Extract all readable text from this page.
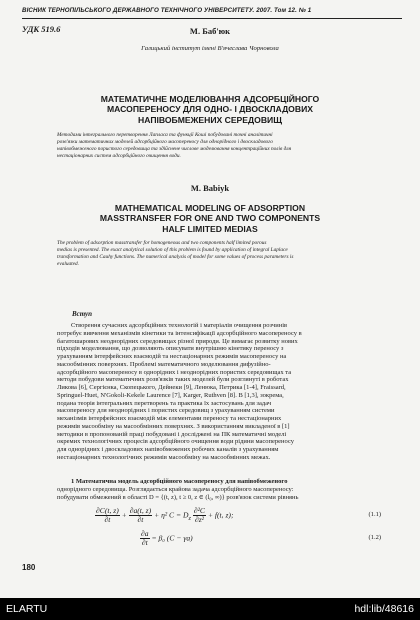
ВІСНИК ТЕРНОПІЛЬСЬКОГО ДЕРЖАВНОГО ТЕХНІЧНОГО УНІВЕРСИТЕТУ. 2007. Том 12. № 1
УДК 519.6	М. Баб'юк
Галицький інститут імені В'ячеслава Чорновола
МАТЕМАТИЧНЕ МОДЕЛЮВАННЯ АДСОРБЦІЙНОГО
МАСОПЕРЕНОСУ ДЛЯ ОДНО- І ДВОСКЛАДОВИХ
НАПІВОБМЕЖЕНИХ СЕРЕДОВИЩ
Методами інтегрального перетворення Лапласа та функції Коші побудовані точні аналітичні
розв'язки математичних моделей адсорбційного масопереносу для однорідного і двоскладового
напівобмеженого пористого середовища та здійснене числове моделювання концентраційних полів для
нестаціонарних систем адсорбційного очищення води.
M. Babiyk
MATHEMATICAL MODELING OF ADSORPTION
MASSTRANSFER FOR ONE AND TWO COMPONENTS
HALF LIMITED MEDIAS
The problem of adsorption masstransfer for homogeneous and two components half limited porous
medias is presented. The exact analytical solution of this problem is found by application of integral Laplace
transformation and Cauhy functions. The numerical analysis of model for some values of process parameters is
evaluated.
Вступ
Створення сучасних адсорбційних технологій і матеріалів очищення розчинів
потребує вивчення механізмів кінетики та інтенсифікації адсорбційного масопереносу в
багатошарових неоднорідних середовищах різної природи. Це вимагає розвитку нових
підходів моделювання, що дозволяють описувати внутрішню кінетику переносу з
урахуванням інтерфейсних взаємодій та нестаціонарних режимів масопереносу на
масообмінних поверхнях. Проблемі математичного моделювання дифузійно-
адсорбційного масопереносу в однорідних і неоднорідних пористих середовищах та
методи побудови математичних розв'язків таких моделей були розглянуті в роботах
Ликова [6], Сергієнка, Скопецького, Дейнеки [9], Ленюка, Петрика [1-4], Fraissard,
Springuel-Huet, N'Gokoli-Kekele Laurence [7], Karger, Ruthven [8]. В [1,3], зокрема,
подана теорія інтегральних перетворень та практика їх застосувань для задач
масопереносу для неоднорідних і пористих середовищ з урахуванням системи
механізмів інтерфейсних взаємодій між елементами переносу та нестаціонарних
режимів масообміну на масообмінних поверхнях. З використанням викладеної в [1]
методики в пропонованій праці побудовані і досліджені на ПК математичні моделі
окремих технологічних процесів адсорбційного очищення води рідини масопереносу
для однорідних і двоскладових напівобмежених робочих каналів з урахуванням
нестаціонарних технологічних режимів масообміну на масообмінних межах.
1 Математична модель адсорбційного масопереносу для напівобмеженого
однорідного середовища. Розглядається крайова задача адсорбційного масопереносу:
побудувати обмежений в області D = {(t, z), t ≥ 0, z ∈ (l₀, ∞)} розв'язок системи рівнянь
$\frac{\partial C(t, z)}{\partial t} + \frac{\partial a(t, z)}{\partial t} + \eta^2$ $C = D_z \frac{\text{∂²C}}{\text{∂z²}} + f(t$, z);	(1.1)
$\frac{\partial a}{\partial t} = \beta_0$ (C − γa)	(1.2)
180
ELARTU	hdl:lib/48616
